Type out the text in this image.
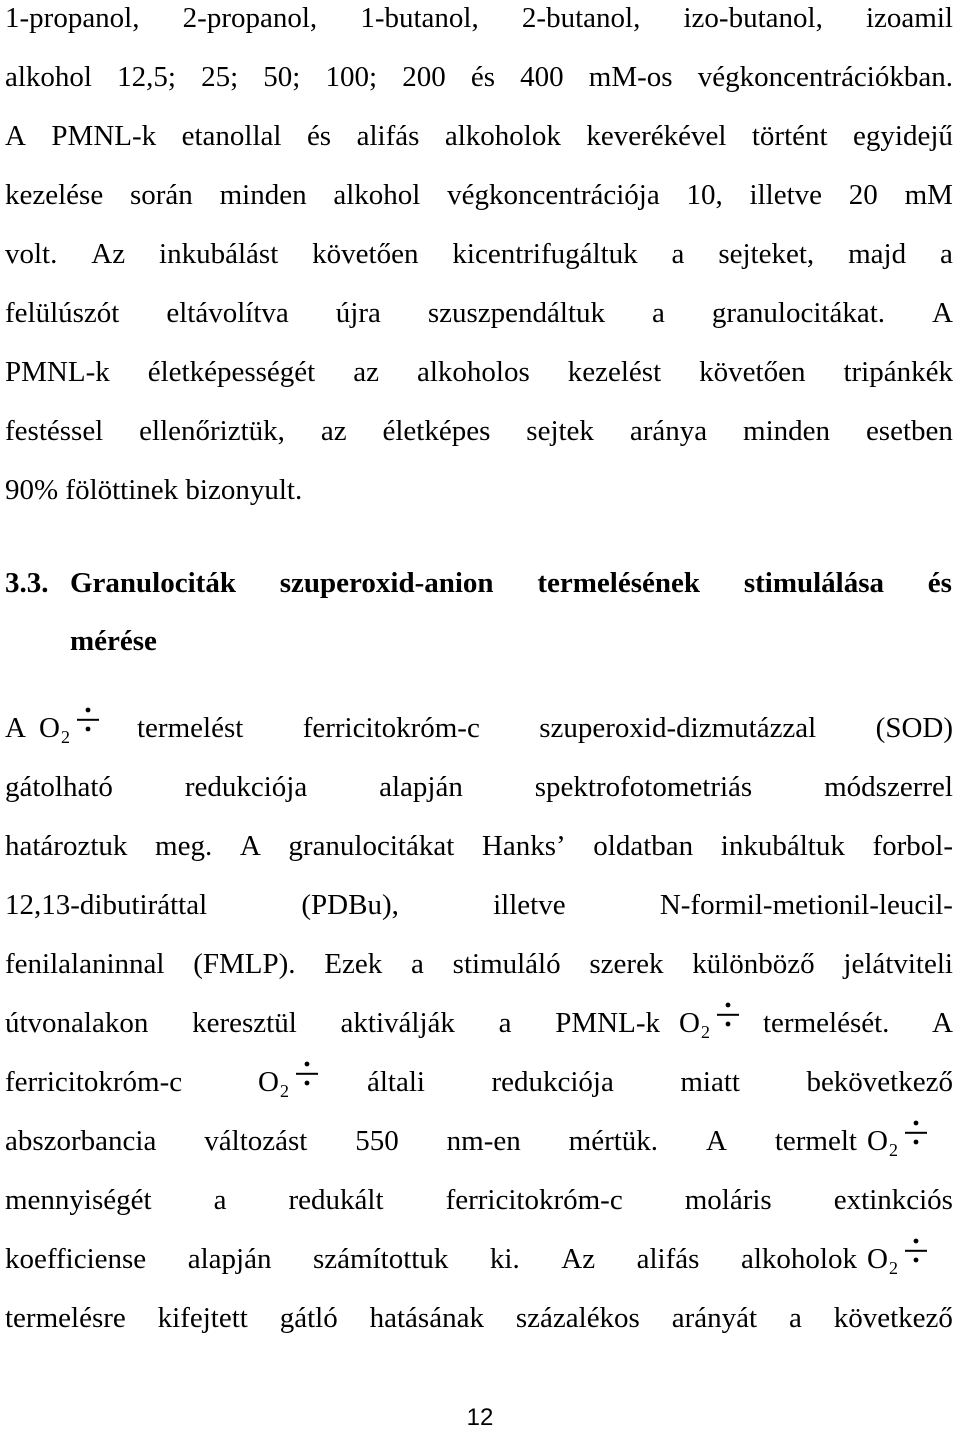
1-propanol, 2-propanol, 1-butanol, 2-butanol, izo-butanol, izoamil
alkohol 12,5; 25; 50; 100; 200 és 400 mM-os végkoncentrációkban.
A PMNL-k etanollal és alifás alkoholok keverékével történt egyidejű
kezelése során minden alkohol végkoncentrációja 10, illetve 20 mM
volt. Az inkubálást követően kicentrifugáltuk a sejteket, majd a
felülúszót eltávolítva újra szuszpendáltuk a granulocitákat. A
PMNL-k életképességét az alkoholos kezelést követően tripánkék
festéssel ellenőriztük, az életképes sejtek aránya minden esetben
90% fölöttinek bizonyult.
3.3. Granulociták szuperoxid-anion termelésének stimulálása és
mérése
A $O_2$	termelést ferricitokróm-c szuperoxid-dizmutázzal (SOD)
gátolható redukciója alapján spektrofotometriás módszerrel
határoztuk meg. A granulocitákat Hanks’ oldatban inkubáltuk forbol-
12,13-dibutiráttal	(PDBu),	illetve	N-formil-metionil-leucil-
fenilalaninnal (FMLP). Ezek a stimuláló szerek különböző jelátviteli
útvonalakon keresztül aktiválják a PMNL-k $O_2$	termelését. A
ferricitokróm-c	$O_2$	általi redukciója miatt bekövetkező
abszorbancia változást 550 nm-en mértük. A termelt $O_2$
mennyiségét a redukált ferricitokróm-c moláris extinkciós
koefficiense alapján számítottuk ki. Az alifás alkoholok $O_2$
termelésre kifejtett gátló hatásának százalékos arányát a következő
12
